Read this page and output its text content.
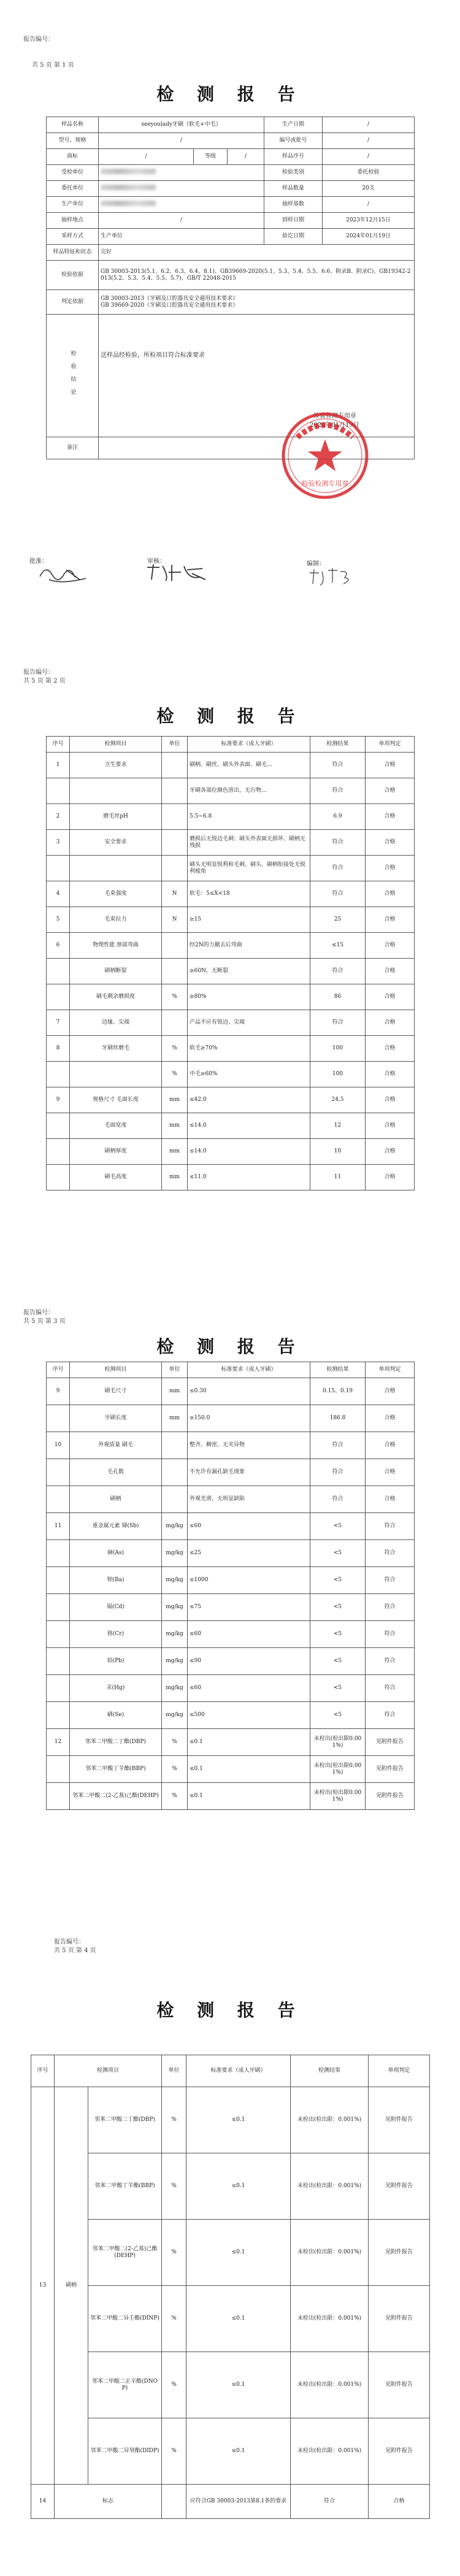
报告编号：
共 5 页 第 1 页
检 测 报 告
样品名称	seeyoulady牙刷（软毛+中毛）			生产日期	/
型号、规格	/			编号或批号	/
商标	/	等级	/	样品序号	/
受检单位				检验类别	委托检验
委托单位				样品数量	20支
生产单位				抽样基数	/
抽样地点	/			到样日期	2023年12月15日
采样方式	生产单位			验讫日期	2024年01月19日
样品特征和状态	完好				
检验依据	GB 30003-2013(5.1、6.2、6.3、6.4、8.1)、GB39669-2020(5.1、5.3、5.4、5.5、6.6、附录B、附录C)、GB19342-2013(5.2、5.3、5.4、5.5、5.7)、GB/T 22048-2015				
判定依据	GB 30003-2013《牙刷及口腔器具安全通用技术要求》
GB 39669-2020《牙刷及口腔器具安全通用技术要求》				
检验结论	送样品经检验，所检项目符合标准要求
检验检测专用章
2024年01月19日				

备注					
检验检测专用章
批准：	审核：	编制：
报告编号：
共 5 页 第 2 页
检 测 报 告
序号	检测项目	单位	标准要求（成人牙刷）	检测结果	单项判定
1	卫生要求		刷柄、刷丝、刷头外表面、刷毛...	符合	合格
			牙刷各部位颜色溶出，无污物...	符合	合格
2	磨毛丝pH		5.5~6.8	6.9	合格
3	安全要求		磨损后无锐边毛刺；刷头外表面无损坏、刷柄无残损	符合	合格
			刷头无明显锐利和毛刺、刷头、刷柄衔接处无锐利棱角	符合	合格
4	毛束强度	N	软毛：5≤X<18	符合	合格
5	毛束拉力	N	≥15	25	合格
6	物理性能 颈部弯曲		经2N的力撤去后弯曲	≤15	合格
	刷柄断裂		≥60N，无断裂	符合	合格
	刷毛剩余磨损度	%	≥80%	86	合格
7	边缘、尖端		产品不应有锐边、尖端	符合	合格
8	牙刷丝磨毛	%	软毛≥70%	100	合格
		%	中毛≥60%	100	合格
9	规格尺寸 毛面长度	mm	≤42.0	24.5	合格
	毛面宽度	mm	≤14.0	12	合格
	刷柄厚度	mm	≤14.0	10	合格
	刷毛高度	mm	≤11.0	11	合格
报告编号：
共 5 页 第 3 页
检 测 报 告
序号	检测项目	单位	标准要求（成人牙刷）	检测结果	单项判定
9	刷毛尺寸	mm	≤0.30	0.15、0.19	合格
	牙刷长度	mm	≥150.0	186.8	合格
10	外观质量 刷毛		整齐、稠密、无夹异物	符合	合格
	毛孔数		不允许有漏孔缺毛现象	符合	合格
	刷柄		外观光滑，无明显缺陷	符合	合格
11	重金属元素 锑(Sb)	mg/kg	≤60	<5	符合
	砷(As)	mg/kg	≤25	<5	符合
	钡(Ba)	mg/kg	≤1000	<5	符合
	镉(Cd)	mg/kg	≤75	<5	符合
	铬(Cr)	mg/kg	≤60	<5	符合
	铅(Pb)	mg/kg	≤90	<5	符合
	汞(Hg)	mg/kg	≤60	<5	符合
	硒(Se)	mg/kg	≤500	<5	符合
12	邻苯二甲酸二丁酯(DBP)	%	≤0.1	未检出(检出限0.001%)	见附件报告
	邻苯二甲酸丁苄酯(BBP)	%	≤0.1	未检出(检出限0.001%)	见附件报告
	邻苯二甲酸二(2-乙基)己酯(DEHP)	%	≤0.1	未检出(检出限0.001%)	见附件报告
报告编号：
共 5 页 第 4 页
检 测 报 告
序号	检测项目		单位	标准要求（成人牙刷）	检测结果	单项判定
13	刷柄	邻苯二甲酸二丁酯(DBP)	%	≤0.1	未检出(检出限：0.001%)	见附件报告
		邻苯二甲酸丁苄酯(BBP)	%	≤0.1	未检出(检出限：0.001%)	见附件报告
		邻苯二甲酸二(2-乙基)己酯(DEHP)	%	≤0.1	未检出(检出限：0.001%)	见附件报告
		邻苯二甲酸二异壬酯(DINP)	%	≤0.1	未检出(检出限：0.001%)	见附件报告
		邻苯二甲酸二正辛酯(DNOP)	%	≤0.1	未检出(检出限：0.001%)	见附件报告
		邻苯二甲酸二异癸酯(DIDP)	%	≤0.1	未检出(检出限：0.001%)	见附件报告
14	标志			应符合GB 30003-2013第8.1条的要求	符合	合格
